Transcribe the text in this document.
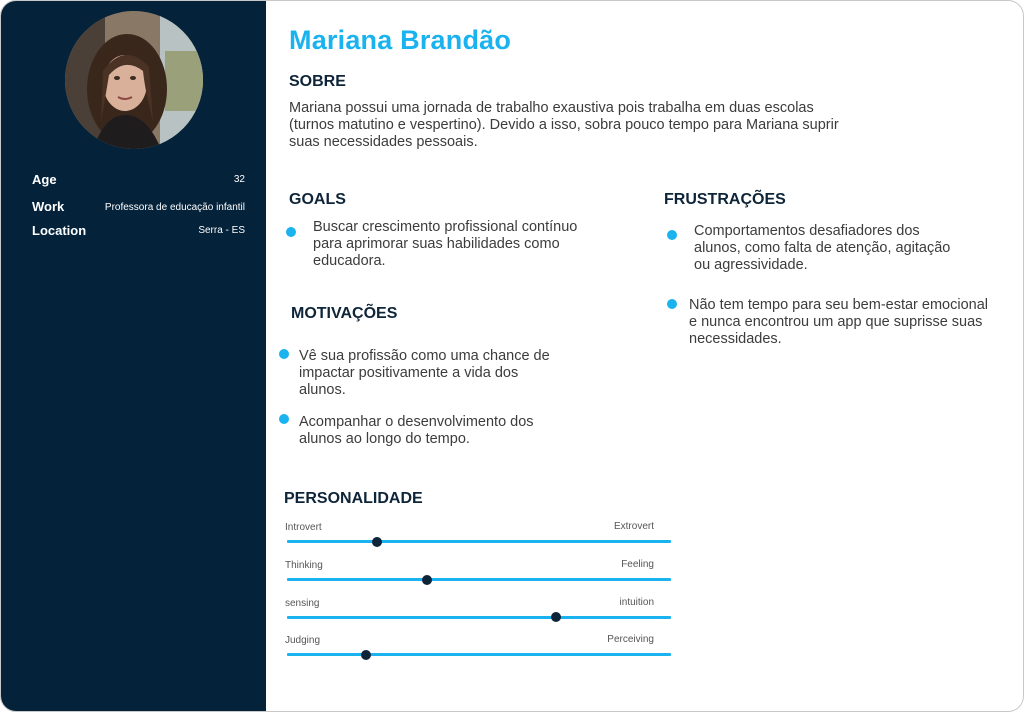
Age	32
Work	Professora de educação infantil
Location	Serra - ES
Mariana Brandão
SOBRE
Mariana possui uma jornada de trabalho exaustiva pois trabalha em duas escolas
(turnos matutino e vespertino). Devido a isso, sobra pouco tempo para Mariana suprir
suas necessidades pessoais.
GOALS
Buscar crescimento profissional contínuo
para aprimorar suas habilidades como
educadora.
MOTIVAÇÕES
Vê sua profissão como uma chance de
impactar positivamente a vida dos
alunos.
Acompanhar o desenvolvimento dos
alunos ao longo do tempo.
FRUSTRAÇÕES
Comportamentos desafiadores dos
alunos, como falta de atenção, agitação
ou agressividade.
Não tem tempo para seu bem-estar emocional
e nunca encontrou um app que suprisse suas
necessidades.
PERSONALIDADE
Introvert	Extrovert
Thinking	Feeling
sensing	intuition
Judging	Perceiving
